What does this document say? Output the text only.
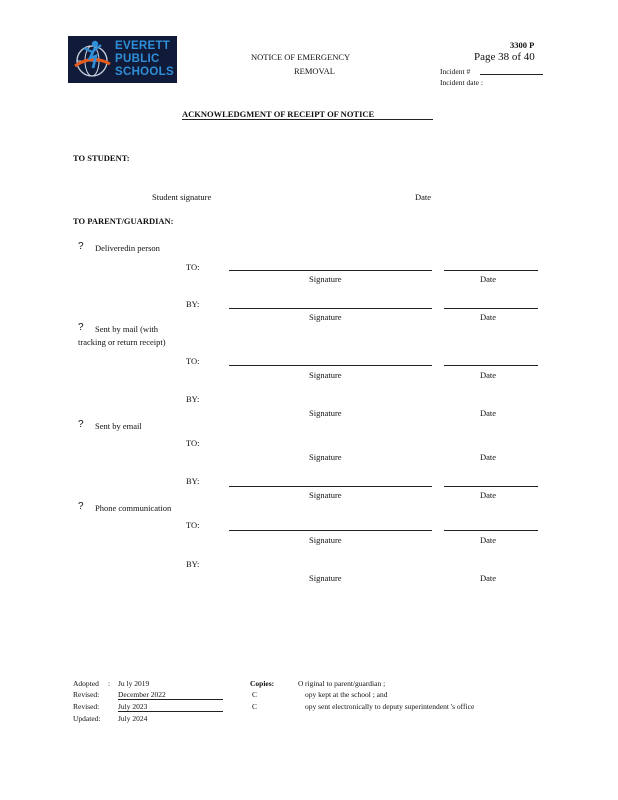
EVERETT
PUBLIC
SCHOOLS
NOTICE OF EMERGENCY
REMOVAL
3300 P
Page 38 of 40
Incident #
Incident date :
ACKNOWLEDGMENT OF RECEIPT OF NOTICE
TO STUDENT:
Student signature	Date
TO PARENT/GUARDIAN:
? Deliveredin person
TO:
Signature	Date
BY:
Signature	Date
? Sent by mail (with
tracking or return receipt)
TO:
Signature	Date
BY:
Signature	Date
? Sent by email
TO:
Signature	Date
BY:
Signature	Date
? Phone communication
TO:
Signature	Date
BY:
Signature	Date
Adopted : Ju ly 2019
Revised:	December 2022
Revised:	July 2023
Updated: July 2024
Copies:	O riginal to parent/guardian ;
C	opy kept at the school ; and
C	opy sent electronically to deputy superintendent 's office
